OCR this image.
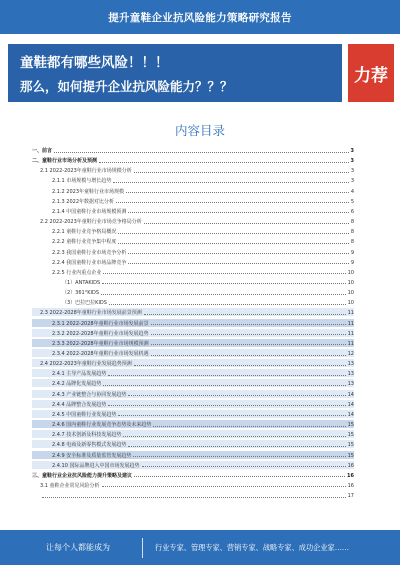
提升童鞋企业抗风险能力策略研究报告
童鞋都有哪些风险！！！
那么，如何提升企业抗风险能力？？？
力荐
内容目录
一、前言	3
二、童鞋行业市场分析及预测	3
2.1 2022-2023年童鞋行业市场规模分析	3
2.1.1 市场规模与增长趋势	3
2.1.2 2023年童鞋行业市场规模	4
2.1.3 2022年数据对比分析	5
2.1.4 中国童鞋行业市场规模预测	6
2.2 2022-2023年童鞋行业市场竞争格局分析	8
2.2.1 童鞋行业竞争格局概况	8
2.2.2 童鞋行业竞争集中程度	8
2.2.3 我国童鞋行业市场竞争分析	9
2.2.4 我国童鞋行业市场品牌竞争	9
2.2.5 行业内重点企业	10
（1）ANTAKIDS	10
（2）361°KIDS	10
（3）巴拉巴拉KIDS	10
2.3 2022-2028年童鞋行业市场发展前景预测	11
2.3.1 2022-2028年童鞋行业市场发展前景	11
2.3.2 2022-2028年童鞋行业市场发展趋势	11
2.3.3 2022-2028年童鞋行业市场规模预测	11
2.3.4 2022-2028年童鞋行业市场发展机遇	12
2.4 2022-2023年童鞋行业发展趋势预测	13
2.4.1 主导产品发展趋势	13
2.4.2 品牌化发展趋势	13
2.4.3 产业链整合与协同发展趋势	14
2.4.4 品牌整合发展趋势	14
2.4.5 中国童鞋行业发展趋势	14
2.4.6 国内童鞋行业发展竞争态势及未来趋势	15
2.4.7 技术创新及科技发展趋势	15
2.4.8 电商及新零售模式发展趋势	15
2.4.9 安全标准及质量监管发展趋势	15
2.4.10 国际品牌进入中国市场发展趋势	16
三、童鞋行业企业抗风险能力提升策略及建议	16
3.1 童鞋企业常见风险分析	16
17
让每个人都能成为	行业专家、管理专家、营销专家、战略专家、成功企业家……
